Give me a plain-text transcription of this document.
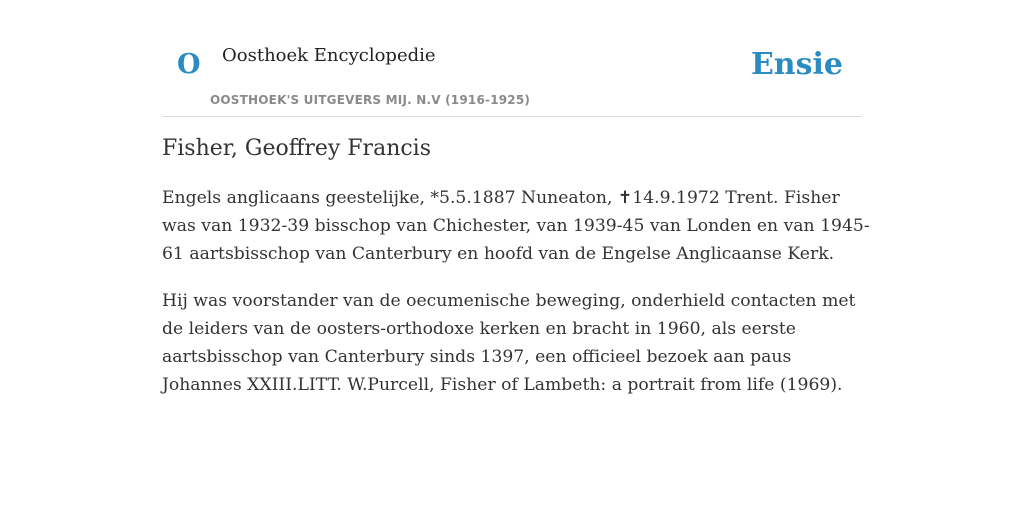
O Oosthoek Encyclopedie
OOSTHOEK'S UITGEVERS MIJ. N.V (1916-1925)
Ensie
Fisher, Geoffrey Francis

Engels anglicaans geestelijke, *5.5.1887 Nuneaton, ✝14.9.1972 Trent. Fisher was van 1932-39 bisschop van Chichester, van 1939-45 van Londen en van 1945-61 aartsbisschop van Canterbury en hoofd van de Engelse Anglicaanse Kerk.

Hij was voorstander van de oecumenische beweging, onderhield contacten met de leiders van de oosters-orthodoxe kerken en bracht in 1960, als eerste aartsbisschop van Canterbury sinds 1397, een officieel bezoek aan paus Johannes XXIII.LITT. W.Purcell, Fisher of Lambeth: a portrait from life (1969).
